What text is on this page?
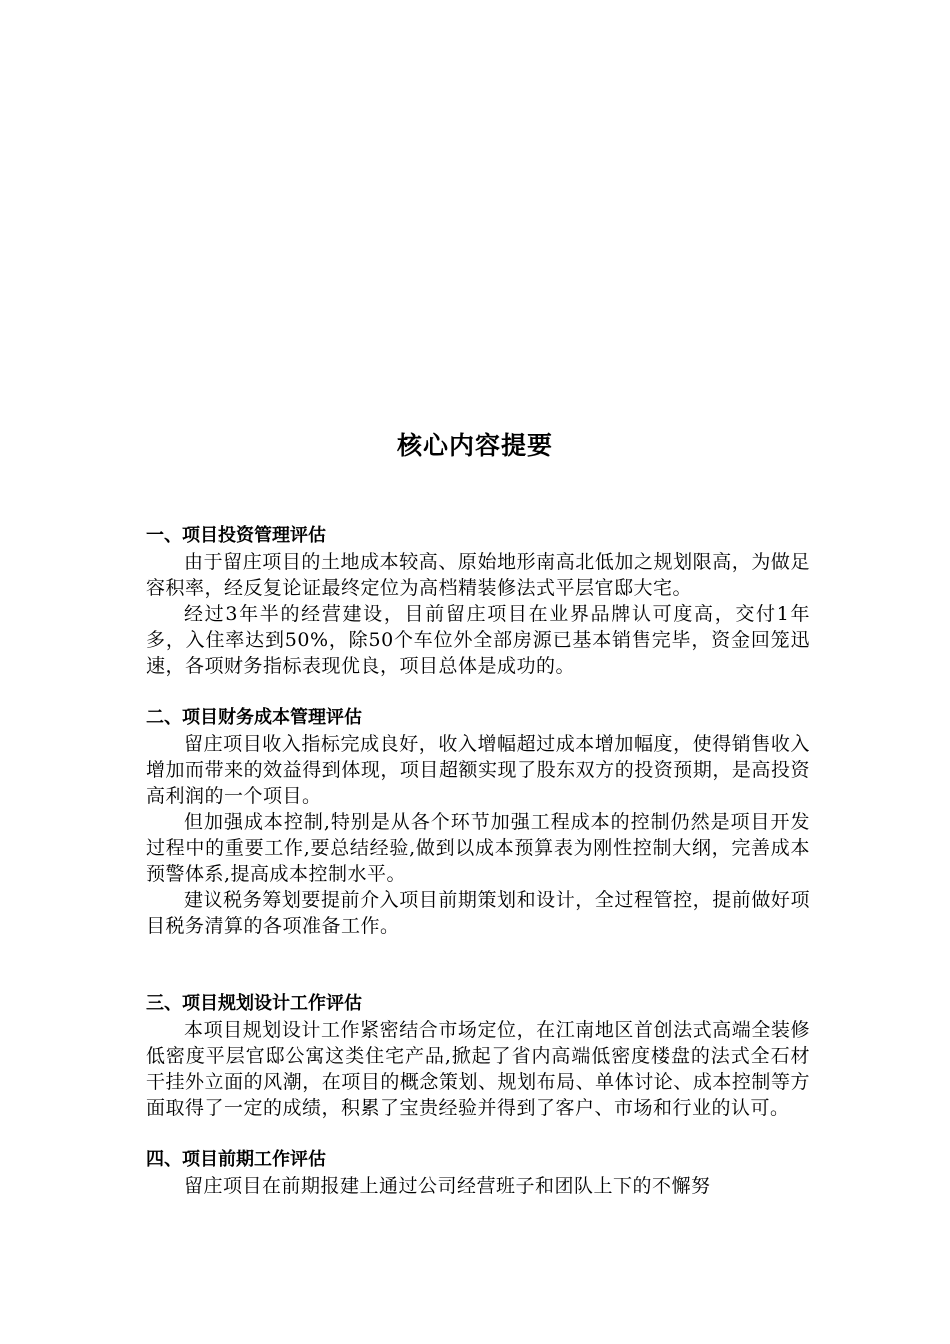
核心内容提要
一、项目投资管理评估

由于留庄项目的土地成本较高、原始地形南高北低加之规划限高，为做足容积率，经反复论证最终定位为高档精装修法式平层官邸大宅。

经过3年半的经营建设，目前留庄项目在业界品牌认可度高，交付1年多，入住率达到50%，除50个车位外全部房源已基本销售完毕，资金回笼迅速，各项财务指标表现优良，项目总体是成功的。

二、项目财务成本管理评估

留庄项目收入指标完成良好，收入增幅超过成本增加幅度，使得销售收入增加而带来的效益得到体现，项目超额实现了股东双方的投资预期，是高投资高利润的一个项目。

但加强成本控制,特别是从各个环节加强工程成本的控制仍然是项目开发过程中的重要工作,要总结经验,做到以成本预算表为刚性控制大纲，完善成本预警体系,提高成本控制水平。

建议税务筹划要提前介入项目前期策划和设计，全过程管控，提前做好项目税务清算的各项准备工作。

三、项目规划设计工作评估

本项目规划设计工作紧密结合市场定位，在江南地区首创法式高端全装修低密度平层官邸公寓这类住宅产品,掀起了省内高端低密度楼盘的法式全石材干挂外立面的风潮，在项目的概念策划、规划布局、单体讨论、成本控制等方面取得了一定的成绩，积累了宝贵经验并得到了客户、市场和行业的认可。

四、项目前期工作评估

留庄项目在前期报建上通过公司经营班子和团队上下的不懈努
